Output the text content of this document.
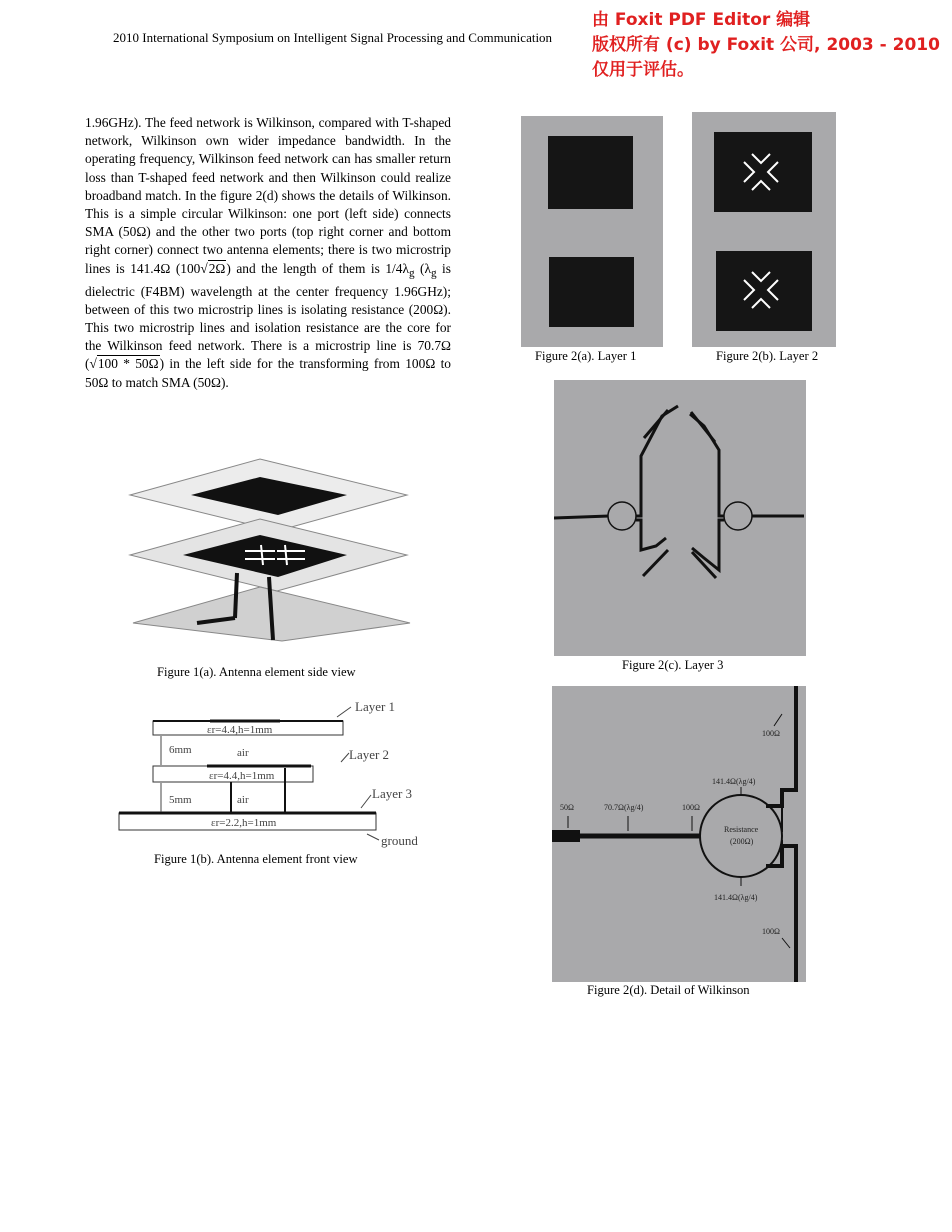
2010 International Symposium on Intelligent Signal Processing and Communication
由 Foxit PDF Editor 编辑
版权所有 (c) by Foxit 公司, 2003 - 2010
仅用于评估。

1.96GHz). The feed network is Wilkinson, compared with T-shaped network, Wilkinson own wider impedance bandwidth. In the operating frequency, Wilkinson feed network can has smaller return loss than T-shaped feed network and then Wilkinson could realize broadband match. In the figure 2(d) shows the details of Wilkinson. This is a simple circular Wilkinson: one port (left side) connects SMA (50Ω) and the other two ports (top right corner and bottom right corner) connect two antenna elements; there is two microstrip lines is 141.4Ω (100√2Ω) and the length of them is $1/4\lambda_g$ ($\lambda_g$ is dielectric (F4BM) wavelength at the center frequency 1.96GHz); between of this two microstrip lines is isolating resistance (200Ω). This two microstrip lines and isolation resistance are the core for the Wilkinson feed network. There is a microstrip line is 70.7Ω (√100 * 50Ω) in the left side for the transforming from 100Ω to 50Ω to match SMA (50Ω).

Figure 1(a). Antenna element side view
εr=4.4,h=1mm
εr=4.4,h=1mm
εr=2.2,h=1mm
6mm	air
5mm	air
Layer 1
Layer 2
Layer 3
ground
Figure 1(b). Antenna element front view
Figure 2(a). Layer 1	Figure 2(b). Layer 2
Figure 2(c). Layer 3
100Ω
141.4Ω(λg/4)
50Ω	70.7Ω(λg/4)	100Ω
Resistance
(200Ω)
141.4Ω(λg/4)
100Ω
Figure 2(d). Detail of Wilkinson
